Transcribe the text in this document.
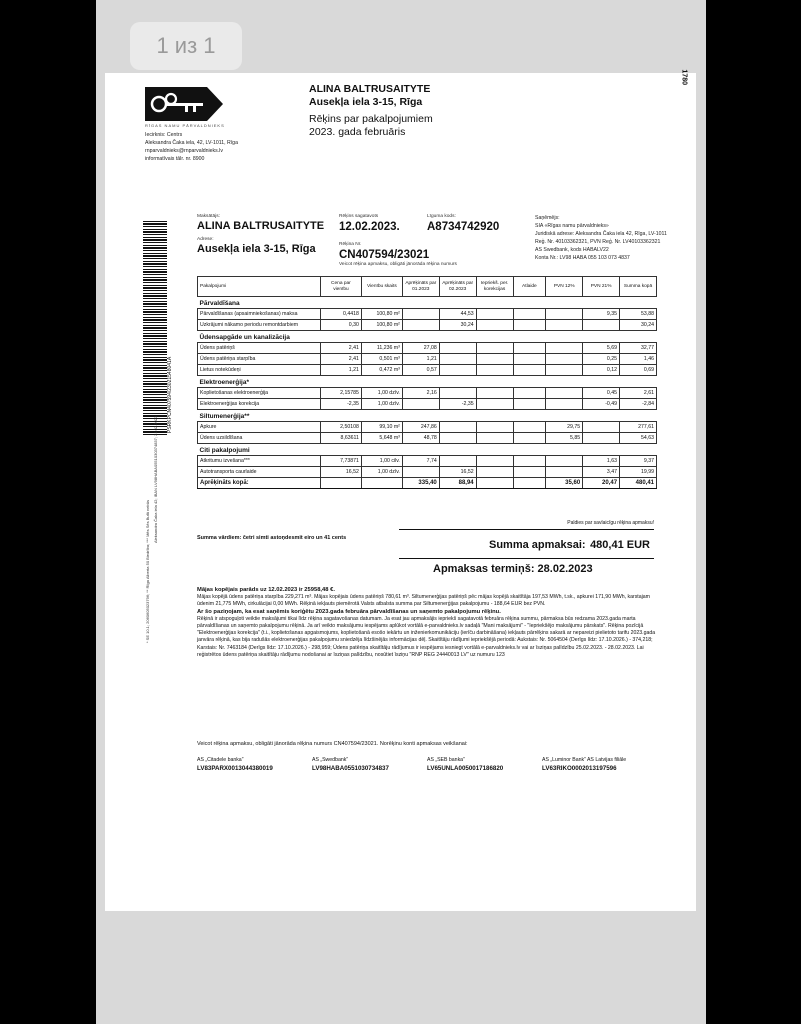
1 из 1
1780
RĪGAS NAMU PĀRVALDNIEKS
Iecirknis: Centrs
Aleksandra Čaka iela, 42, LV-1011, Rīga
rnparvaldnieks@rnparvaldnieks.lv
informatīvais tālr. nr. 8900
ALINA BALTRUSAITYTE
Ausekļa iela 3-15, Rīga
Rēķins par pakalpojumiem
2023. gada februāris
PSRKPCN407594/23021548041A
* SE 10.1; 2060605023796; ** Rīga Alberta 50 Biedrība; *** Mēs Sēs Bufā nebūs
Aleksandra Čaka iela 42; IBAN LV98HABA0551030374837; 21.02.2023
Maksātājs:
ALINA BALTRUSAITYTE
Adrese:
Ausekļa iela 3-15, Rīga
Rēķins sagatavots
12.02.2023.
Līguma kods:
A8734742920
Rēķina Nr.
CN407594/23021
Veicot rēķina apmaksu, obligāti jānorāda rēķina numurs
Saņēmējs:
SIA «Rīgas namu pārvaldnieks»
Juridiskā adrese: Aleksandra Čaka iela 42, Rīga, LV-1011
Reģ. Nr. 40103362321, PVN Reģ. Nr. LV40103362321
AS Swedbank, kods HABALV22
Konta Nr.: LV98 HABA 055 103 073 4837
Pakalpojumi	Cena par vienību	Vienību skaits	Aprēķināts par 01.2023	Aprēķināts par 02.2023	Iepriekš. per. korekcijas	Atlaide	PVN 12%	PVN 21%	Summa kopā
Pārvaldīšana									
Pārvaldīšanas (apsaimniekošanas) maksa	0,4418	100,80 m²		44,53				9,35	53,88
Uzkrājumi nākamo periodu remontdarbiem	0,30	100,80 m²		30,24					30,24
Ūdensapgāde un kanalizācija									
Ūdens patēriņš	2,41	11,236 m³	27,08					5,69	32,77
Ūdens patēriņa starpība	2,41	0,501 m³	1,21					0,25	1,46
Lietus notekūdeņi	1,21	0,472 m³	0,57					0,12	0,69
Elektroenerģija*									
Koplietošanas elektroenerģija	2,15785	1,00 dzīv.	2,16					0,45	2,61
Elektroenerģijas korekcija	-2,35	1,00 dzīv.		-2,35				-0,49	-2,84
Siltumenerģija**									
Apkure	2,50108	99,10 m²	247,86				29,75		277,61
Ūdens uzsildīšana	8,63611	5,648 m³	48,78				5,85		54,63
Citi pakalpojumi									
Atkritumu izvešana***	7,73871	1,00 cilv.	7,74					1,63	9,37
Autotransporta caurlaide	16,52	1,00 dzīv.		16,52				3,47	19,99
Aprēķināts kopā:			335,40	88,94			35,60	20,47	480,41
Paldies par savlaicīgu rēķina apmaksu!
Summa vārdiem: četri simti astoņdesmit eiro un 41 cents
Summa apmaksai: 480,41 EUR
Apmaksas termiņš: 28.02.2023
Mājas kopējais parāds uz 12.02.2023 ir 25958,48 €.
Mājas kopējā ūdens patēriņa starpība 229,271 m³. Mājas kopējais ūdens patēriņš 780,61 m³. Siltumenerģijas patēriņš pēc mājas kopējā skaitītāja 197,53 MWh, t.sk., apkurei 171,90 MWh, karstajam ūdenim 21,775 MWh, cirkulācijai 0,00 MWh. Rēķinā iekļauts piemērotā Valsts atbalsta summa par Siltumenerģijas pakalpojumu - 188,64 EUR bez PVN.
Ar šo paziņojam, ka esat saņēmis koriģētu 2023.gada februāra pārvaldīšanas un saņemto pakalpojumu rēķinu.
Rēķinā ir atspoguļoti veiktie maksājumi tikai līdz rēķina sagatavošanas datumam. Ja esat jau apmaksājis iepriekš sagatavotā februāra rēķina summu, pārmaksa būs redzama 2023.gada marta pārvaldīšanas un saņemto pakalpojumu rēķinā. Ja arī veikto maksājumu iespējams aplūkot vortālā e-parvaldnieks.lv sadaļā "Mani maksājumi" - "Iepriekšējo maksājumu pārskats". Rēķina pozīcijā "Elektroenerģijas korekcija" (t.i., koplietošanas apgaismojums, koplietošanā esošo iekārtu un inženierkomunikāciju (ierīču darbināšana) iekļauts pārrēķins sakarā ar nepareizi pielietoto tarifu 2023.gada janvāra rēķinā, kas bija radušās elektroenerģijas pakalpojumu sniedzēja līdzšinējās informācijas dēļ. Skaitītāju rādījumi iepriekšējā periodā: Aukstais: Nr. 5064504 (Derīgs līdz: 17.10.2026.) - 374,218; Karstais: Nr. 7463184 (Derīgs līdz: 17.10.2026.) - 298,959; Ūdens patēriņa skaitītāju rādījumus ir iespējams iesniegt vortālā e-parvaldnieks.lv vai ar īsziņas palīdzību 25.02.2023. - 28.02.2023. Lai reģistrētos ūdens patēriņa skaitītāju rādījumu nodošanai ar īsziņas palīdzību, nosūtiet īsziņu "RNP REG 24440013 LV" uz numuru 123
Veicot rēķina apmaksu, obligāti jānorāda rēķina numurs CN407594/23021. Norēķinu konti apmaksas veikšanai:
AS „Citadele banka”
LV83PARX0013044380019
AS „Swedbank”
LV98HABA0551030734837
AS „SEB banka”
LV65UNLA0050017186820
AS „Luminor Bank” AS Latvijas filiāle
LV63RIKO0002013197596
